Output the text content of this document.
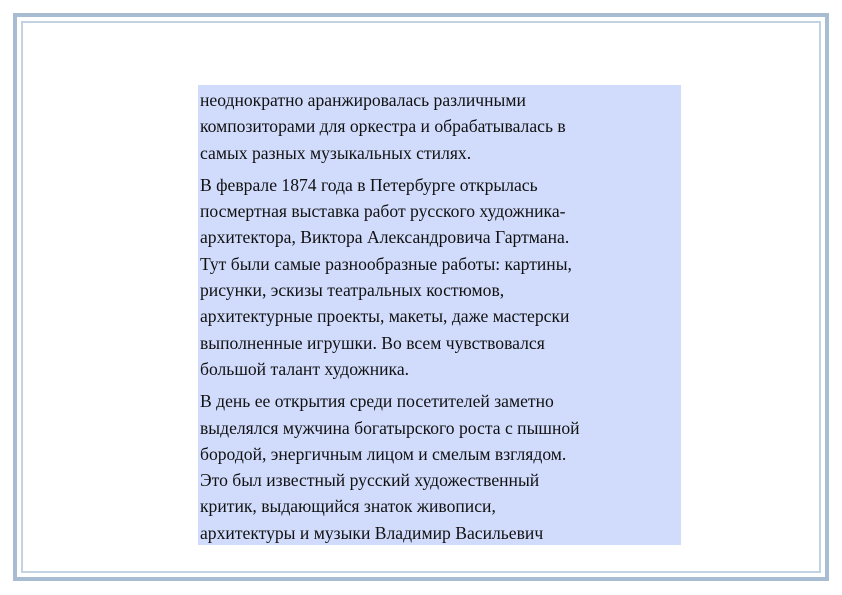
неоднократно аранжировалась различными
композиторами для оркестра и обрабатывалась в
самых разных музыкальных стилях.
В феврале 1874 года в Петербурге открылась
посмертная выставка работ русского художника-
архитектора, Виктора Александровича Гартмана.
Тут были самые разнообразные работы: картины,
рисунки, эскизы театральных костюмов,
архитектурные проекты, макеты, даже мастерски
выполненные игрушки. Во всем чувствовался
большой талант художника.
В день ее открытия среди посетителей заметно
выделялся мужчина богатырского роста с пышной
бородой, энергичным лицом и смелым взглядом.
Это был известный русский художественный
критик, выдающийся знаток живописи,
архитектуры и музыки Владимир Васильевич
